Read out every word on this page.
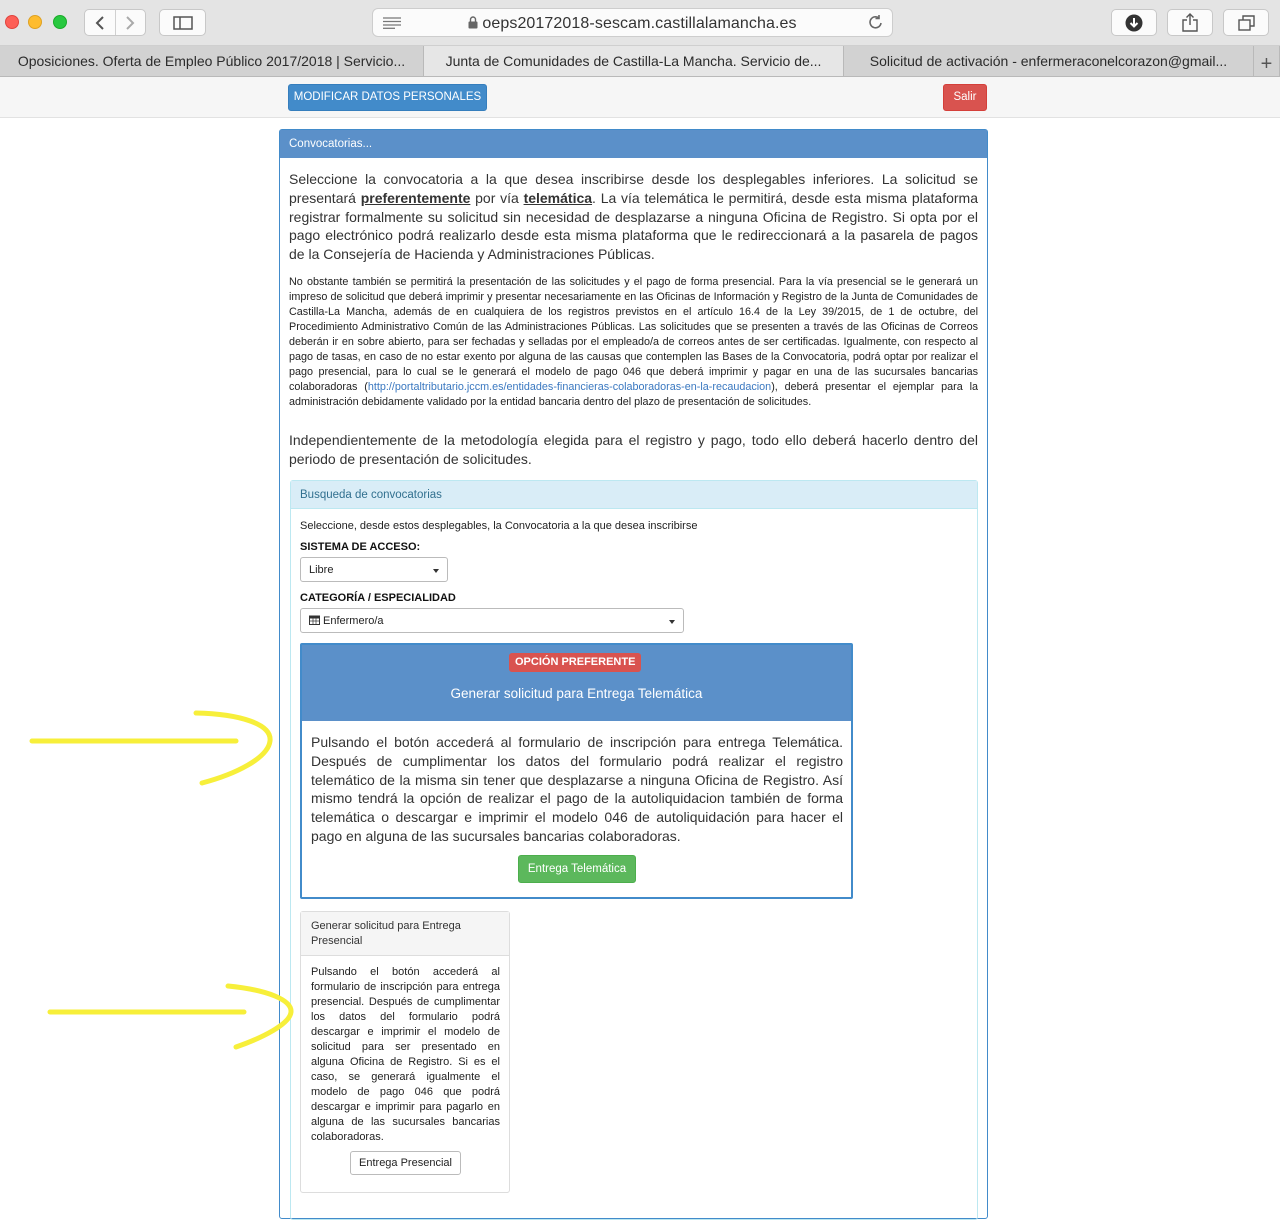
oeps20172018-sescam.castillalamancha.es
Oposiciones. Oferta de Empleo Público 2017/2018 | Servicio...	Junta de Comunidades de Castilla-La Mancha. Servicio de...	Solicitud de activación - enfermeraconelcorazon@gmail...	+
MODIFICAR DATOS PERSONALES	Salir
Convocatorias...

Seleccione la convocatoria a la que desea inscribirse desde los desplegables inferiores. La solicitud se presentará preferentemente por vía telemática. La vía telemática le permitirá, desde esta misma plataforma registrar formalmente su solicitud sin necesidad de desplazarse a ninguna Oficina de Registro. Si opta por el pago electrónico podrá realizarlo desde esta misma plataforma que le redireccionará a la pasarela de pagos de la Consejería de Hacienda y Administraciones Públicas.

No obstante también se permitirá la presentación de las solicitudes y el pago de forma presencial. Para la vía presencial se le generará un impreso de solicitud que deberá imprimir y presentar necesariamente en las Oficinas de Información y Registro de la Junta de Comunidades de Castilla-La Mancha, además de en cualquiera de los registros previstos en el artículo 16.4 de la Ley 39/2015, de 1 de octubre, del Procedimiento Administrativo Común de las Administraciones Públicas. Las solicitudes que se presenten a través de las Oficinas de Correos deberán ir en sobre abierto, para ser fechadas y selladas por el empleado/a de correos antes de ser certificadas. Igualmente, con respecto al pago de tasas, en caso de no estar exento por alguna de las causas que contemplen las Bases de la Convocatoria, podrá optar por realizar el pago presencial, para lo cual se le generará el modelo de pago 046 que deberá imprimir y pagar en una de las sucursales bancarias colaboradoras (http://portaltributario.jccm.es/entidades-financieras-colaboradoras-en-la-recaudacion), deberá presentar el ejemplar para la administración debidamente validado por la entidad bancaria dentro del plazo de presentación de solicitudes.

Independientemente de la metodología elegida para el registro y pago, todo ello deberá hacerlo dentro del periodo de presentación de solicitudes.

Busqueda de convocatorias
Seleccione, desde estos desplegables, la Convocatoria a la que desea inscribirse
SISTEMA DE ACCESO:
Libre
CATEGORÍA / ESPECIALIDAD
Enfermero/a
OPCIÓN PREFERENTE
Generar solicitud para Entrega Telemática

Pulsando el botón accederá al formulario de inscripción para entrega Telemática. Después de cumplimentar los datos del formulario podrá realizar el registro telemático de la misma sin tener que desplazarse a ninguna Oficina de Registro. Así mismo tendrá la opción de realizar el pago de la autoliquidacion también de forma telemática o descargar e imprimir el modelo 046 de autoliquidación para hacer el pago en alguna de las sucursales bancarias colaboradoras.

Entrega Telemática
Generar solicitud para Entrega Presencial

Pulsando el botón accederá al formulario de inscripción para entrega presencial. Después de cumplimentar los datos del formulario podrá descargar e imprimir el modelo de solicitud para ser presentado en alguna Oficina de Registro. Si es el caso, se generará igualmente el modelo de pago 046 que podrá descargar e imprimir para pagarlo en alguna de las sucursales bancarias colaboradoras.

Entrega Presencial
